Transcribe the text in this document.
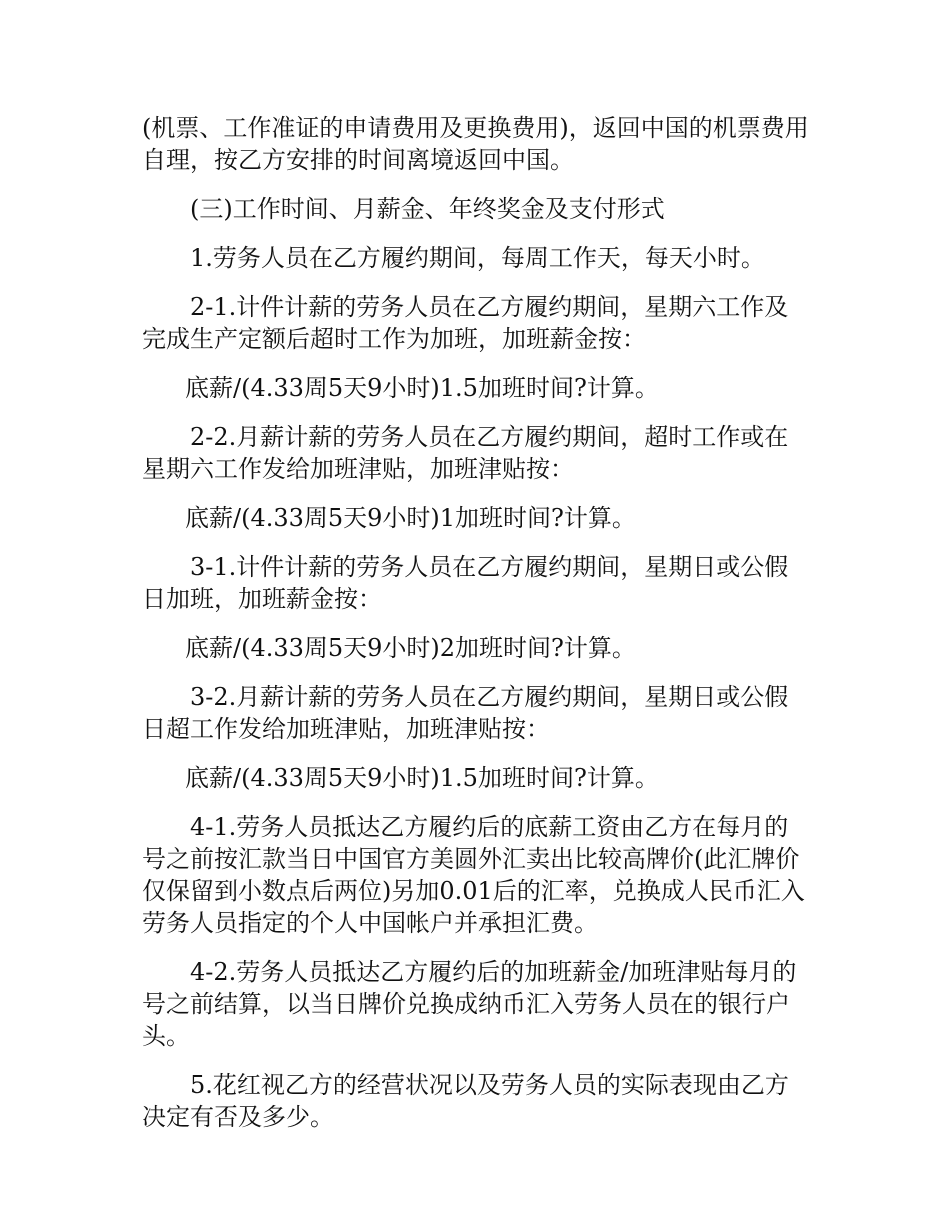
(机票、工作准证的申请费用及更换费用)，返回中国的机票费用自理，按乙方安排的时间离境返回中国。

(三)工作时间、月薪金、年终奖金及支付形式

1.劳务人员在乙方履约期间，每周工作天，每天小时。

2-1.计件计薪的劳务人员在乙方履约期间，星期六工作及完成生产定额后超时工作为加班，加班薪金按：

底薪/(4.33周5天9小时)1.5加班时间?计算。

2-2.月薪计薪的劳务人员在乙方履约期间，超时工作或在星期六工作发给加班津贴，加班津贴按：

底薪/(4.33周5天9小时)1加班时间?计算。

3-1.计件计薪的劳务人员在乙方履约期间，星期日或公假日加班，加班薪金按：

底薪/(4.33周5天9小时)2加班时间?计算。

3-2.月薪计薪的劳务人员在乙方履约期间，星期日或公假日超工作发给加班津贴，加班津贴按：

底薪/(4.33周5天9小时)1.5加班时间?计算。

4-1.劳务人员抵达乙方履约后的底薪工资由乙方在每月的号之前按汇款当日中国官方美圆外汇卖出比较高牌价(此汇牌价仅保留到小数点后两位)另加0.01后的汇率，兑换成人民币汇入劳务人员指定的个人中国帐户并承担汇费。

4-2.劳务人员抵达乙方履约后的加班薪金/加班津贴每月的号之前结算，以当日牌价兑换成纳币汇入劳务人员在的银行户头。

5.花红视乙方的经营状况以及劳务人员的实际表现由乙方决定有否及多少。
